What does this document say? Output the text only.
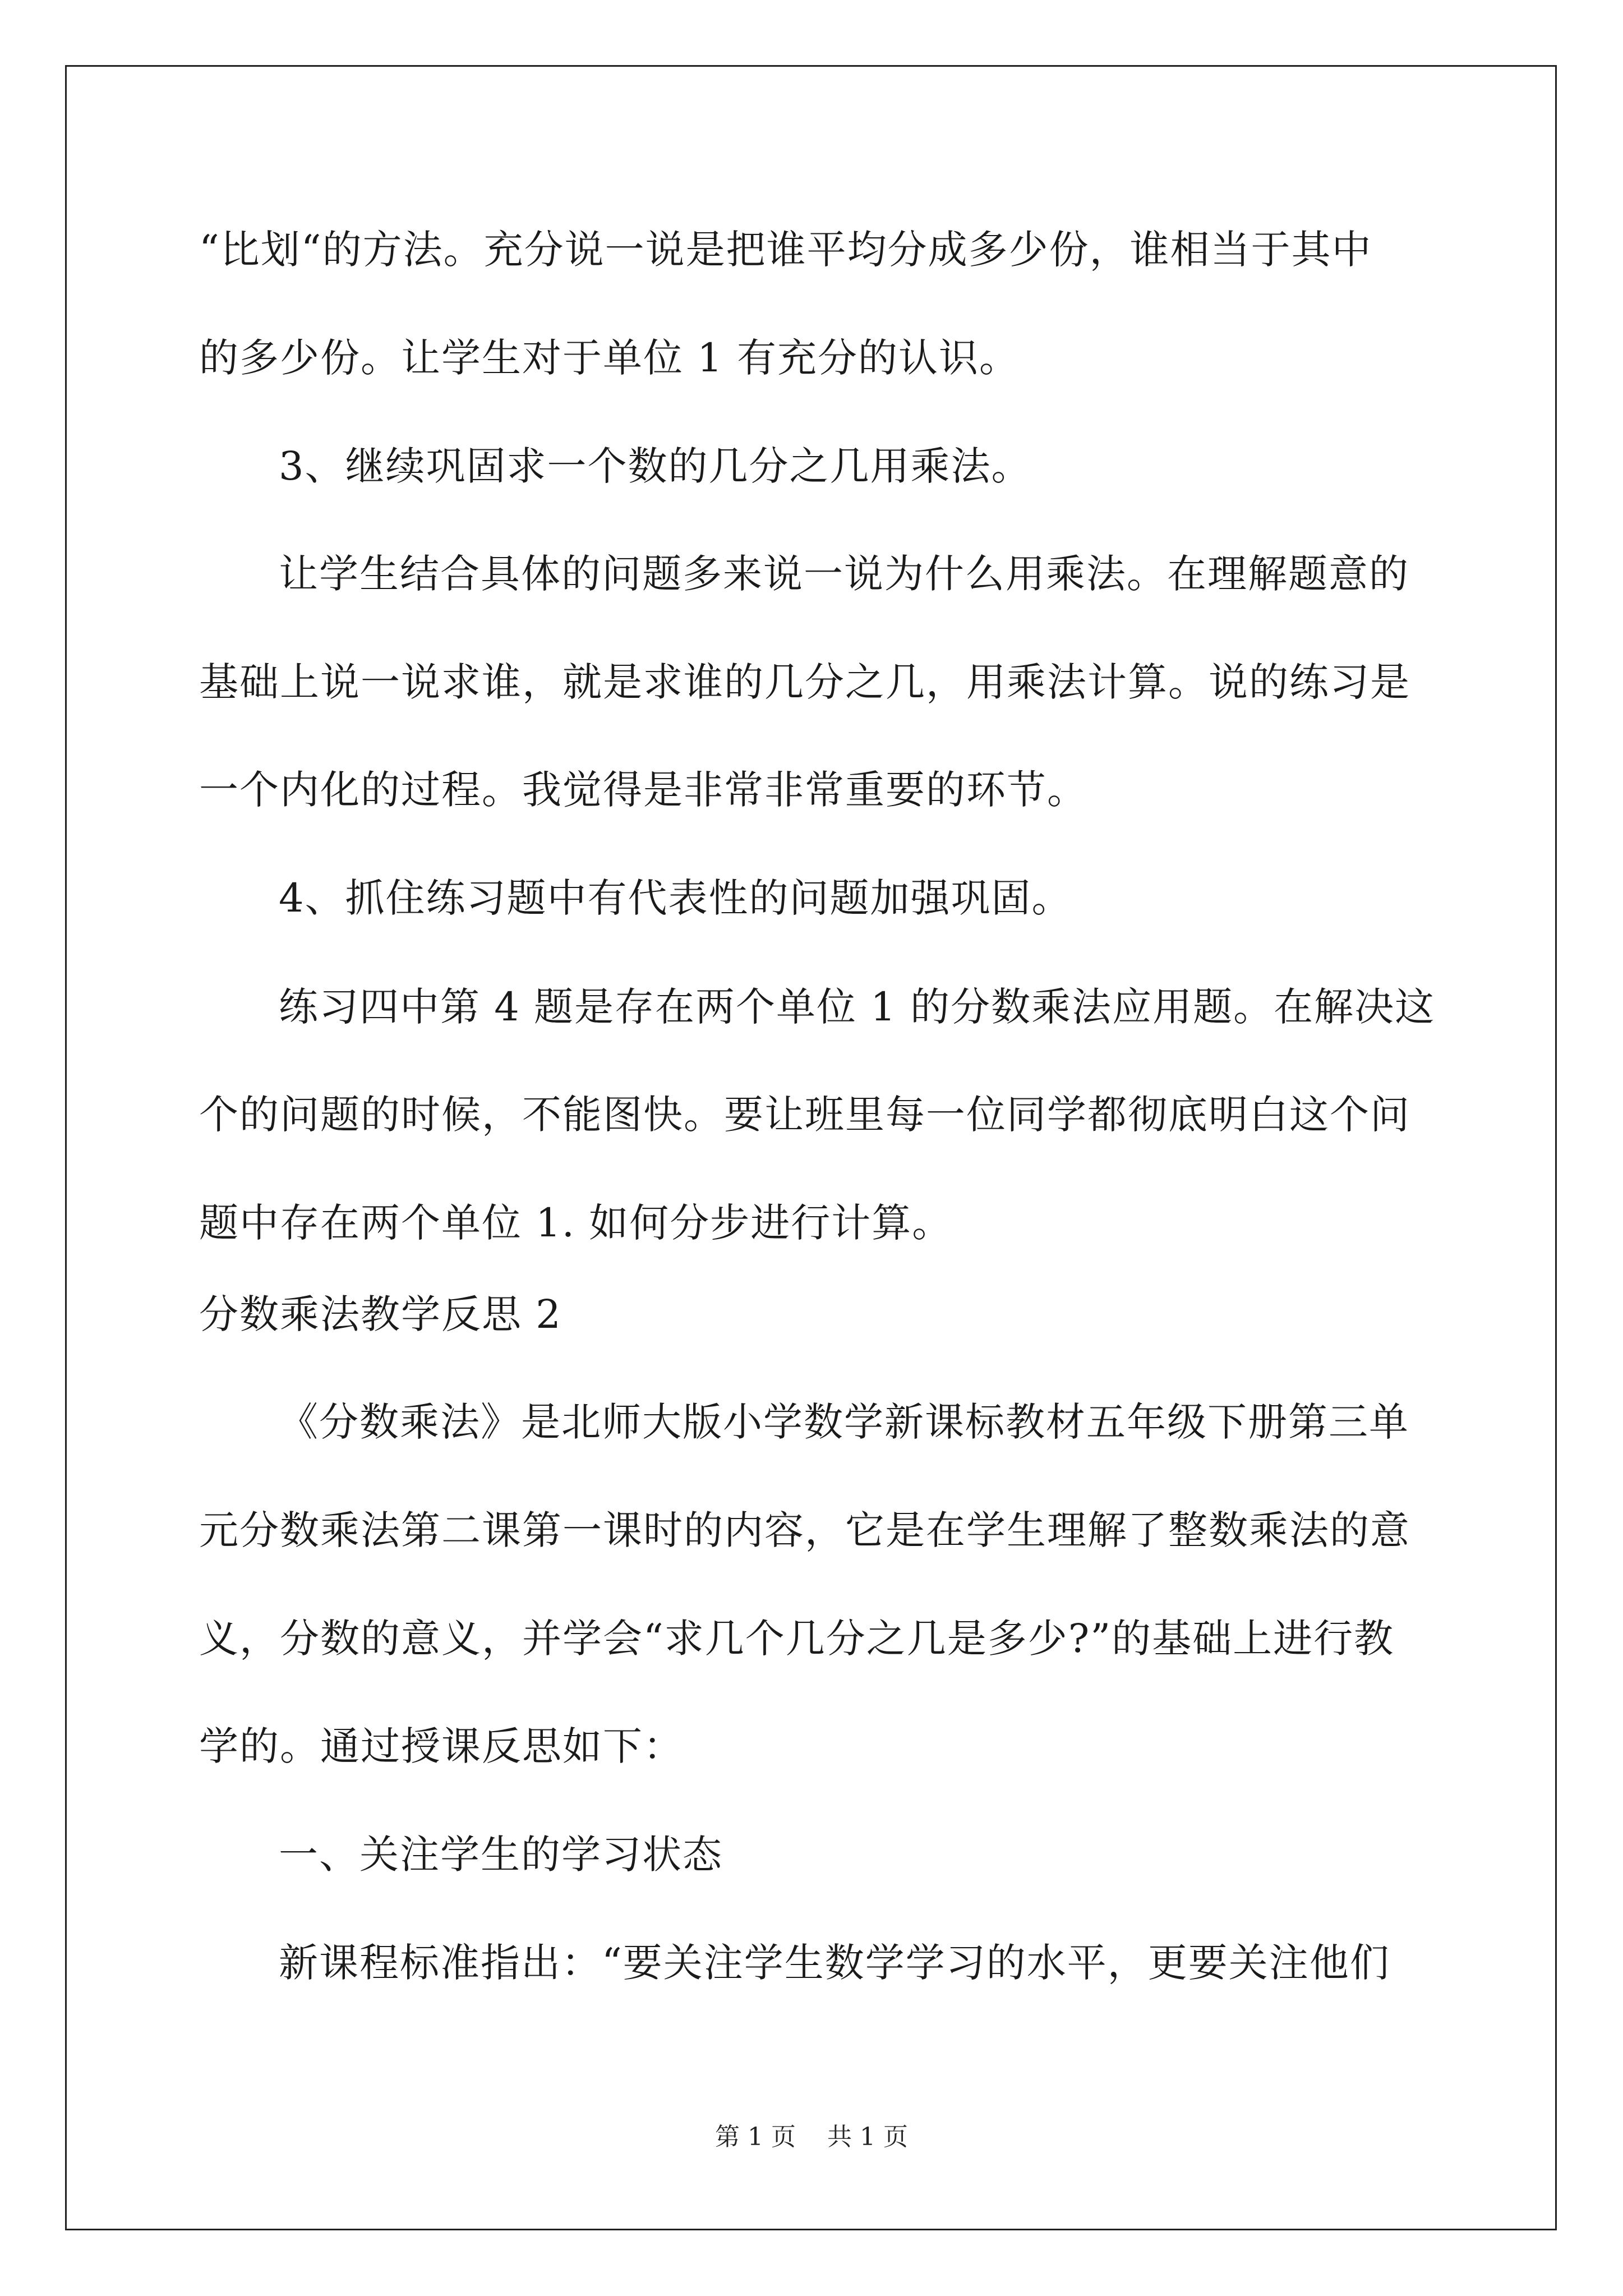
“比划“的方法。充分说一说是把谁平均分成多少份，谁相当于其中
的多少份。让学生对于单位 1 有充分的认识。
3、继续巩固求一个数的几分之几用乘法。
让学生结合具体的问题多来说一说为什么用乘法。在理解题意的
基础上说一说求谁，就是求谁的几分之几，用乘法计算。说的练习是
一个内化的过程。我觉得是非常非常重要的环节。
4、抓住练习题中有代表性的问题加强巩固。
练习四中第 4 题是存在两个单位 1 的分数乘法应用题。在解决这
个的问题的时候，不能图快。要让班里每一位同学都彻底明白这个问
题中存在两个单位 1. 如何分步进行计算。
分数乘法教学反思 2
《分数乘法》是北师大版小学数学新课标教材五年级下册第三单
元分数乘法第二课第一课时的内容，它是在学生理解了整数乘法的意
义，分数的意义，并学会“求几个几分之几是多少?”的基础上进行教
学的。通过授课反思如下：
一、关注学生的学习状态
新课程标准指出：“要关注学生数学学习的水平，更要关注他们
第 1 页 共 1 页
